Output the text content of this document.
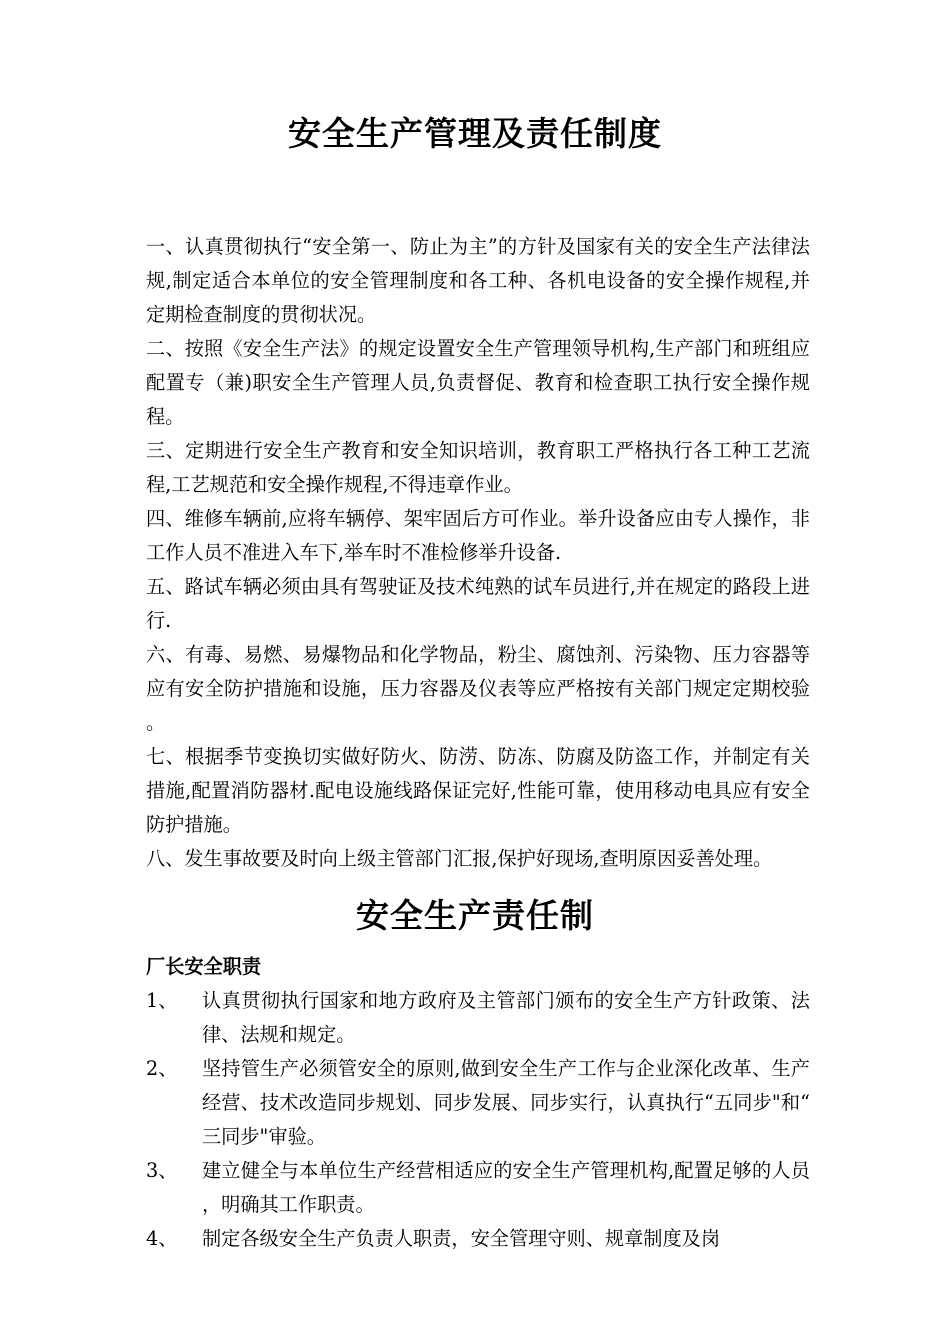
安全生产管理及责任制度

一、认真贯彻执行“安全第一、防止为主”的方针及国家有关的安全生产法律法规,制定适合本单位的安全管理制度和各工种、各机电设备的安全操作规程,并定期检查制度的贯彻状况。

二、按照《安全生产法》的规定设置安全生产管理领导机构,生产部门和班组应配置专（兼)职安全生产管理人员,负责督促、教育和检查职工执行安全操作规程。

三、定期进行安全生产教育和安全知识培训，教育职工严格执行各工种工艺流程,工艺规范和安全操作规程,不得违章作业。

四、维修车辆前,应将车辆停、架牢固后方可作业。举升设备应由专人操作，非工作人员不准进入车下,举车时不准检修举升设备.

五、路试车辆必须由具有驾驶证及技术纯熟的试车员进行,并在规定的路段上进行.

六、有毒、易燃、易爆物品和化学物品，粉尘、腐蚀剂、污染物、压力容器等应有安全防护措施和设施，压力容器及仪表等应严格按有关部门规定定期校验。

七、根据季节变换切实做好防火、防涝、防冻、防腐及防盗工作，并制定有关措施,配置消防器材.配电设施线路保证完好,性能可靠，使用移动电具应有安全防护措施。

八、发生事故要及时向上级主管部门汇报,保护好现场,查明原因妥善处理。

安全生产责任制
厂长安全职责
1、	认真贯彻执行国家和地方政府及主管部门颁布的安全生产方针政策、法律、法规和规定。
2、	坚持管生产必须管安全的原则,做到安全生产工作与企业深化改革、生产经营、技术改造同步规划、同步发展、同步实行，认真执行“五同步"和“三同步"审验。
3、	建立健全与本单位生产经营相适应的安全生产管理机构,配置足够的人员，明确其工作职责。
4、	制定各级安全生产负责人职责，安全管理守则、规章制度及岗
